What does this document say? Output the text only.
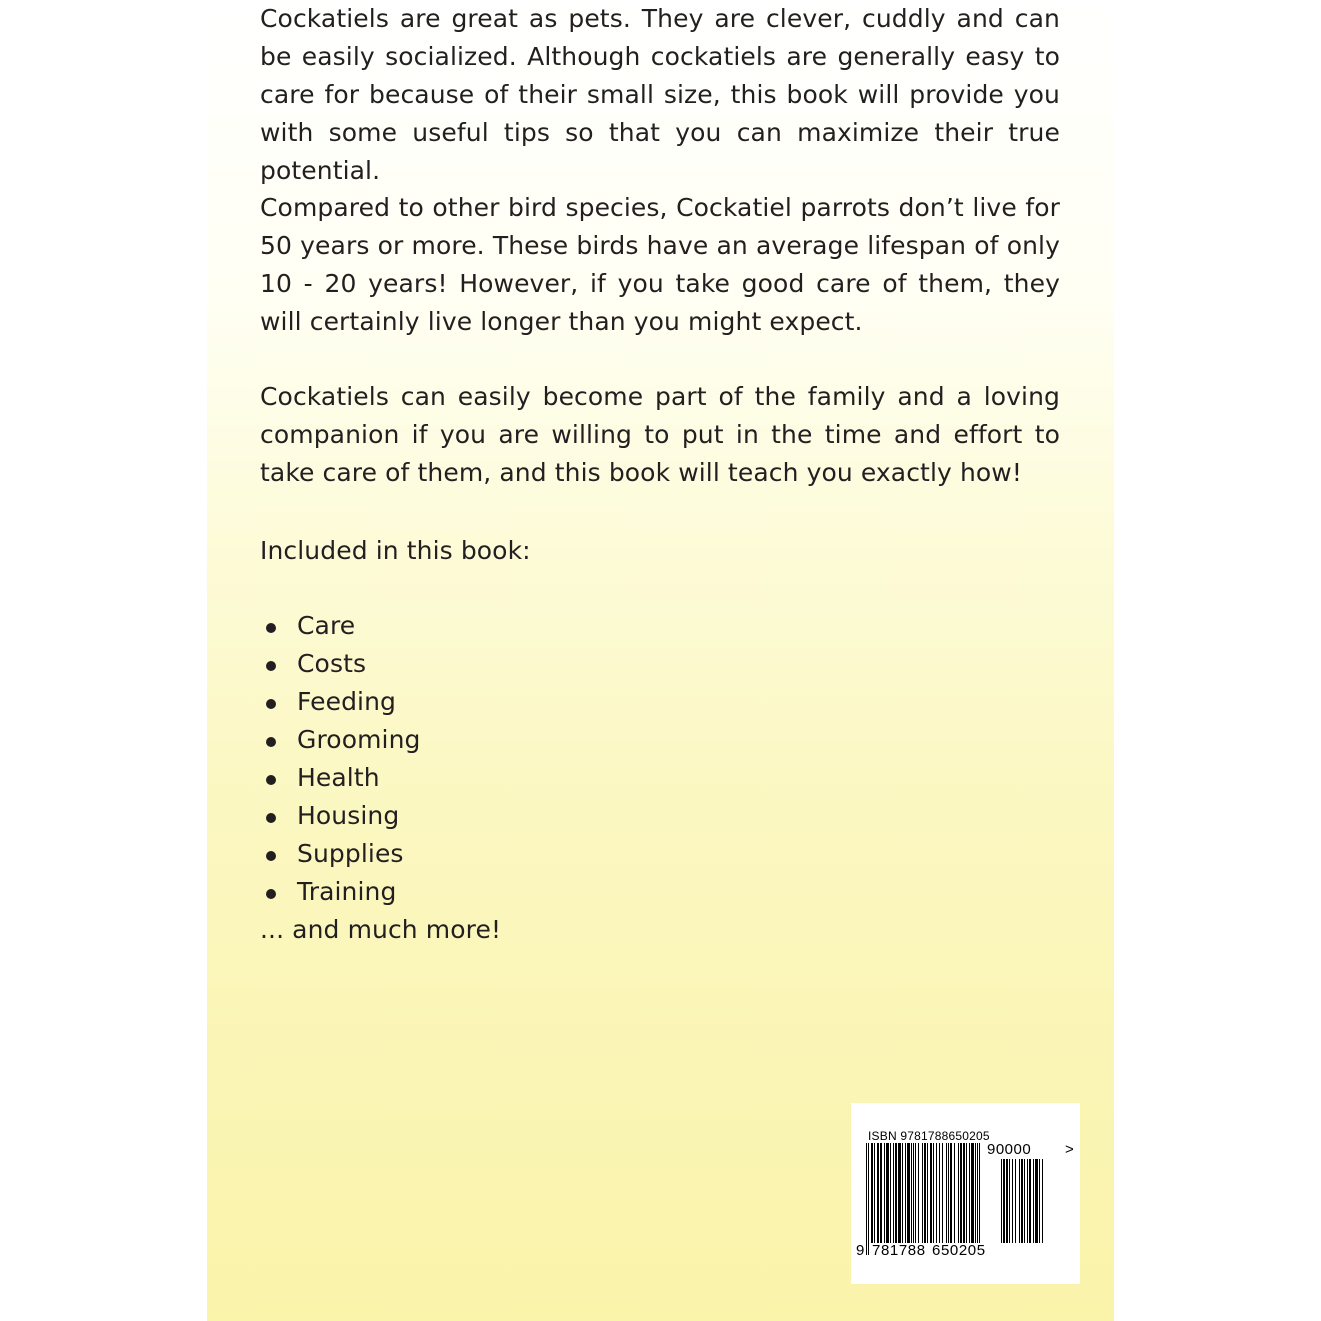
Cockatiels are great as pets. They are clever, cuddly and can be easily socialized. Although cockatiels are generally easy to care for because of their small size, this book will provide you with some useful tips so that you can maximize their true potential.

Compared to other bird species, Cockatiel parrots don’t live for 50 years or more. These birds have an average lifespan of only 10 - 20 years! However, if you take good care of them, they will certainly live longer than you might expect.

Cockatiels can easily become part of the family and a loving companion if you are willing to put in the time and effort to take care of them, and this book will teach you exactly how!

Included in this book:

Care
Costs
Feeding
Grooming
Health
Housing
Supplies
Training

... and much more!

ISBN 9781788650205
90000 >
9 781788 650205
